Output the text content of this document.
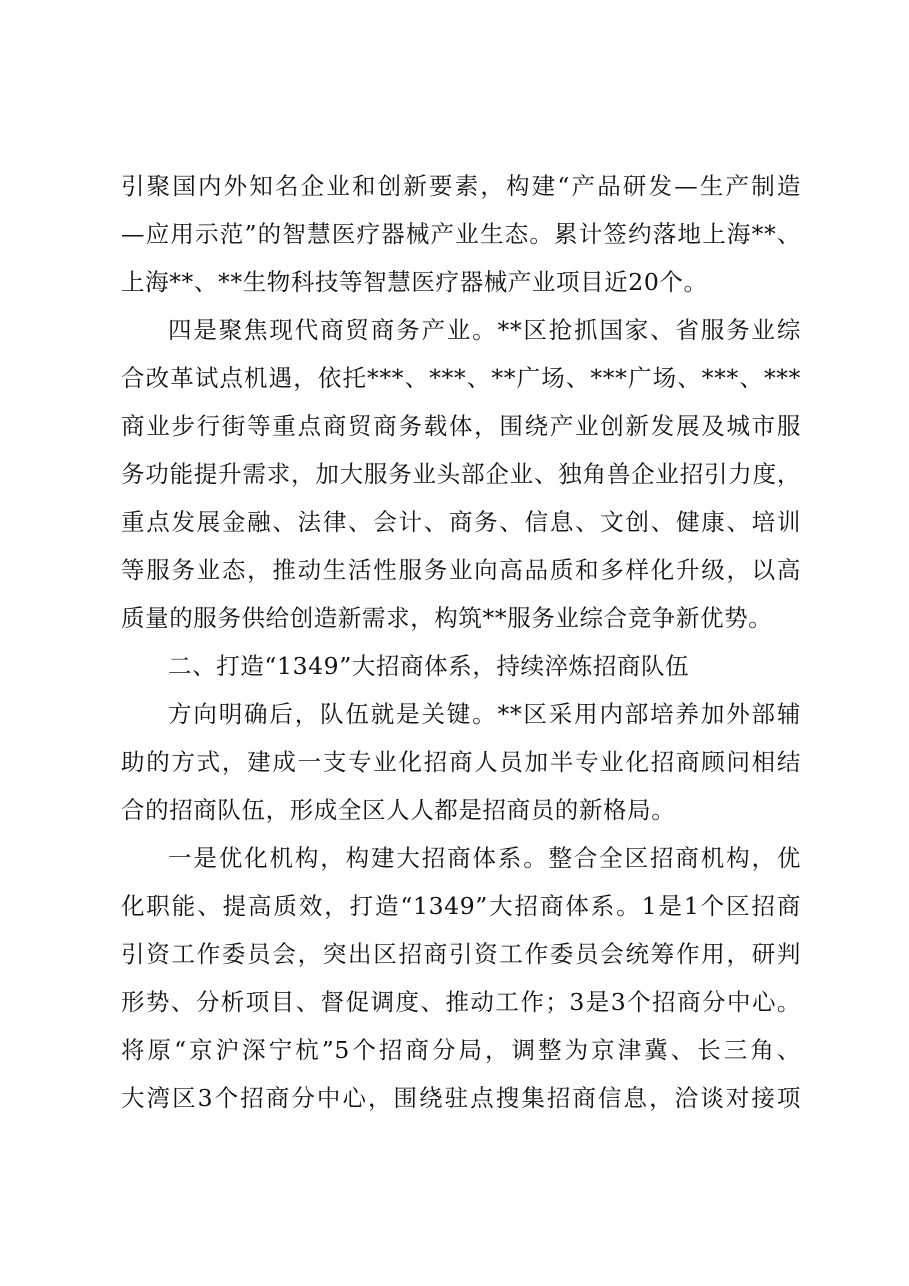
引聚国内外知名企业和创新要素，构建“产品研发—生产制造
—应用示范”的智慧医疗器械产业生态。累计签约落地上海**、
上海**、**生物科技等智慧医疗器械产业项目近20个。
四是聚焦现代商贸商务产业。**区抢抓国家、省服务业综
合改革试点机遇，依托***、***、**广场、***广场、***、***
商业步行街等重点商贸商务载体，围绕产业创新发展及城市服
务功能提升需求，加大服务业头部企业、独角兽企业招引力度，
重点发展金融、法律、会计、商务、信息、文创、健康、培训
等服务业态，推动生活性服务业向高品质和多样化升级，以高
质量的服务供给创造新需求，构筑**服务业综合竞争新优势。
二、打造“1349”大招商体系，持续淬炼招商队伍
方向明确后，队伍就是关键。**区采用内部培养加外部辅
助的方式，建成一支专业化招商人员加半专业化招商顾问相结
合的招商队伍，形成全区人人都是招商员的新格局。
一是优化机构，构建大招商体系。整合全区招商机构，优
化职能、提高质效，打造“1349”大招商体系。1是1个区招商
引资工作委员会，突出区招商引资工作委员会统筹作用，研判
形势、分析项目、督促调度、推动工作；3是3个招商分中心。
将原“京沪深宁杭”5个招商分局，调整为京津冀、长三角、
大湾区3个招商分中心，围绕驻点搜集招商信息，洽谈对接项
